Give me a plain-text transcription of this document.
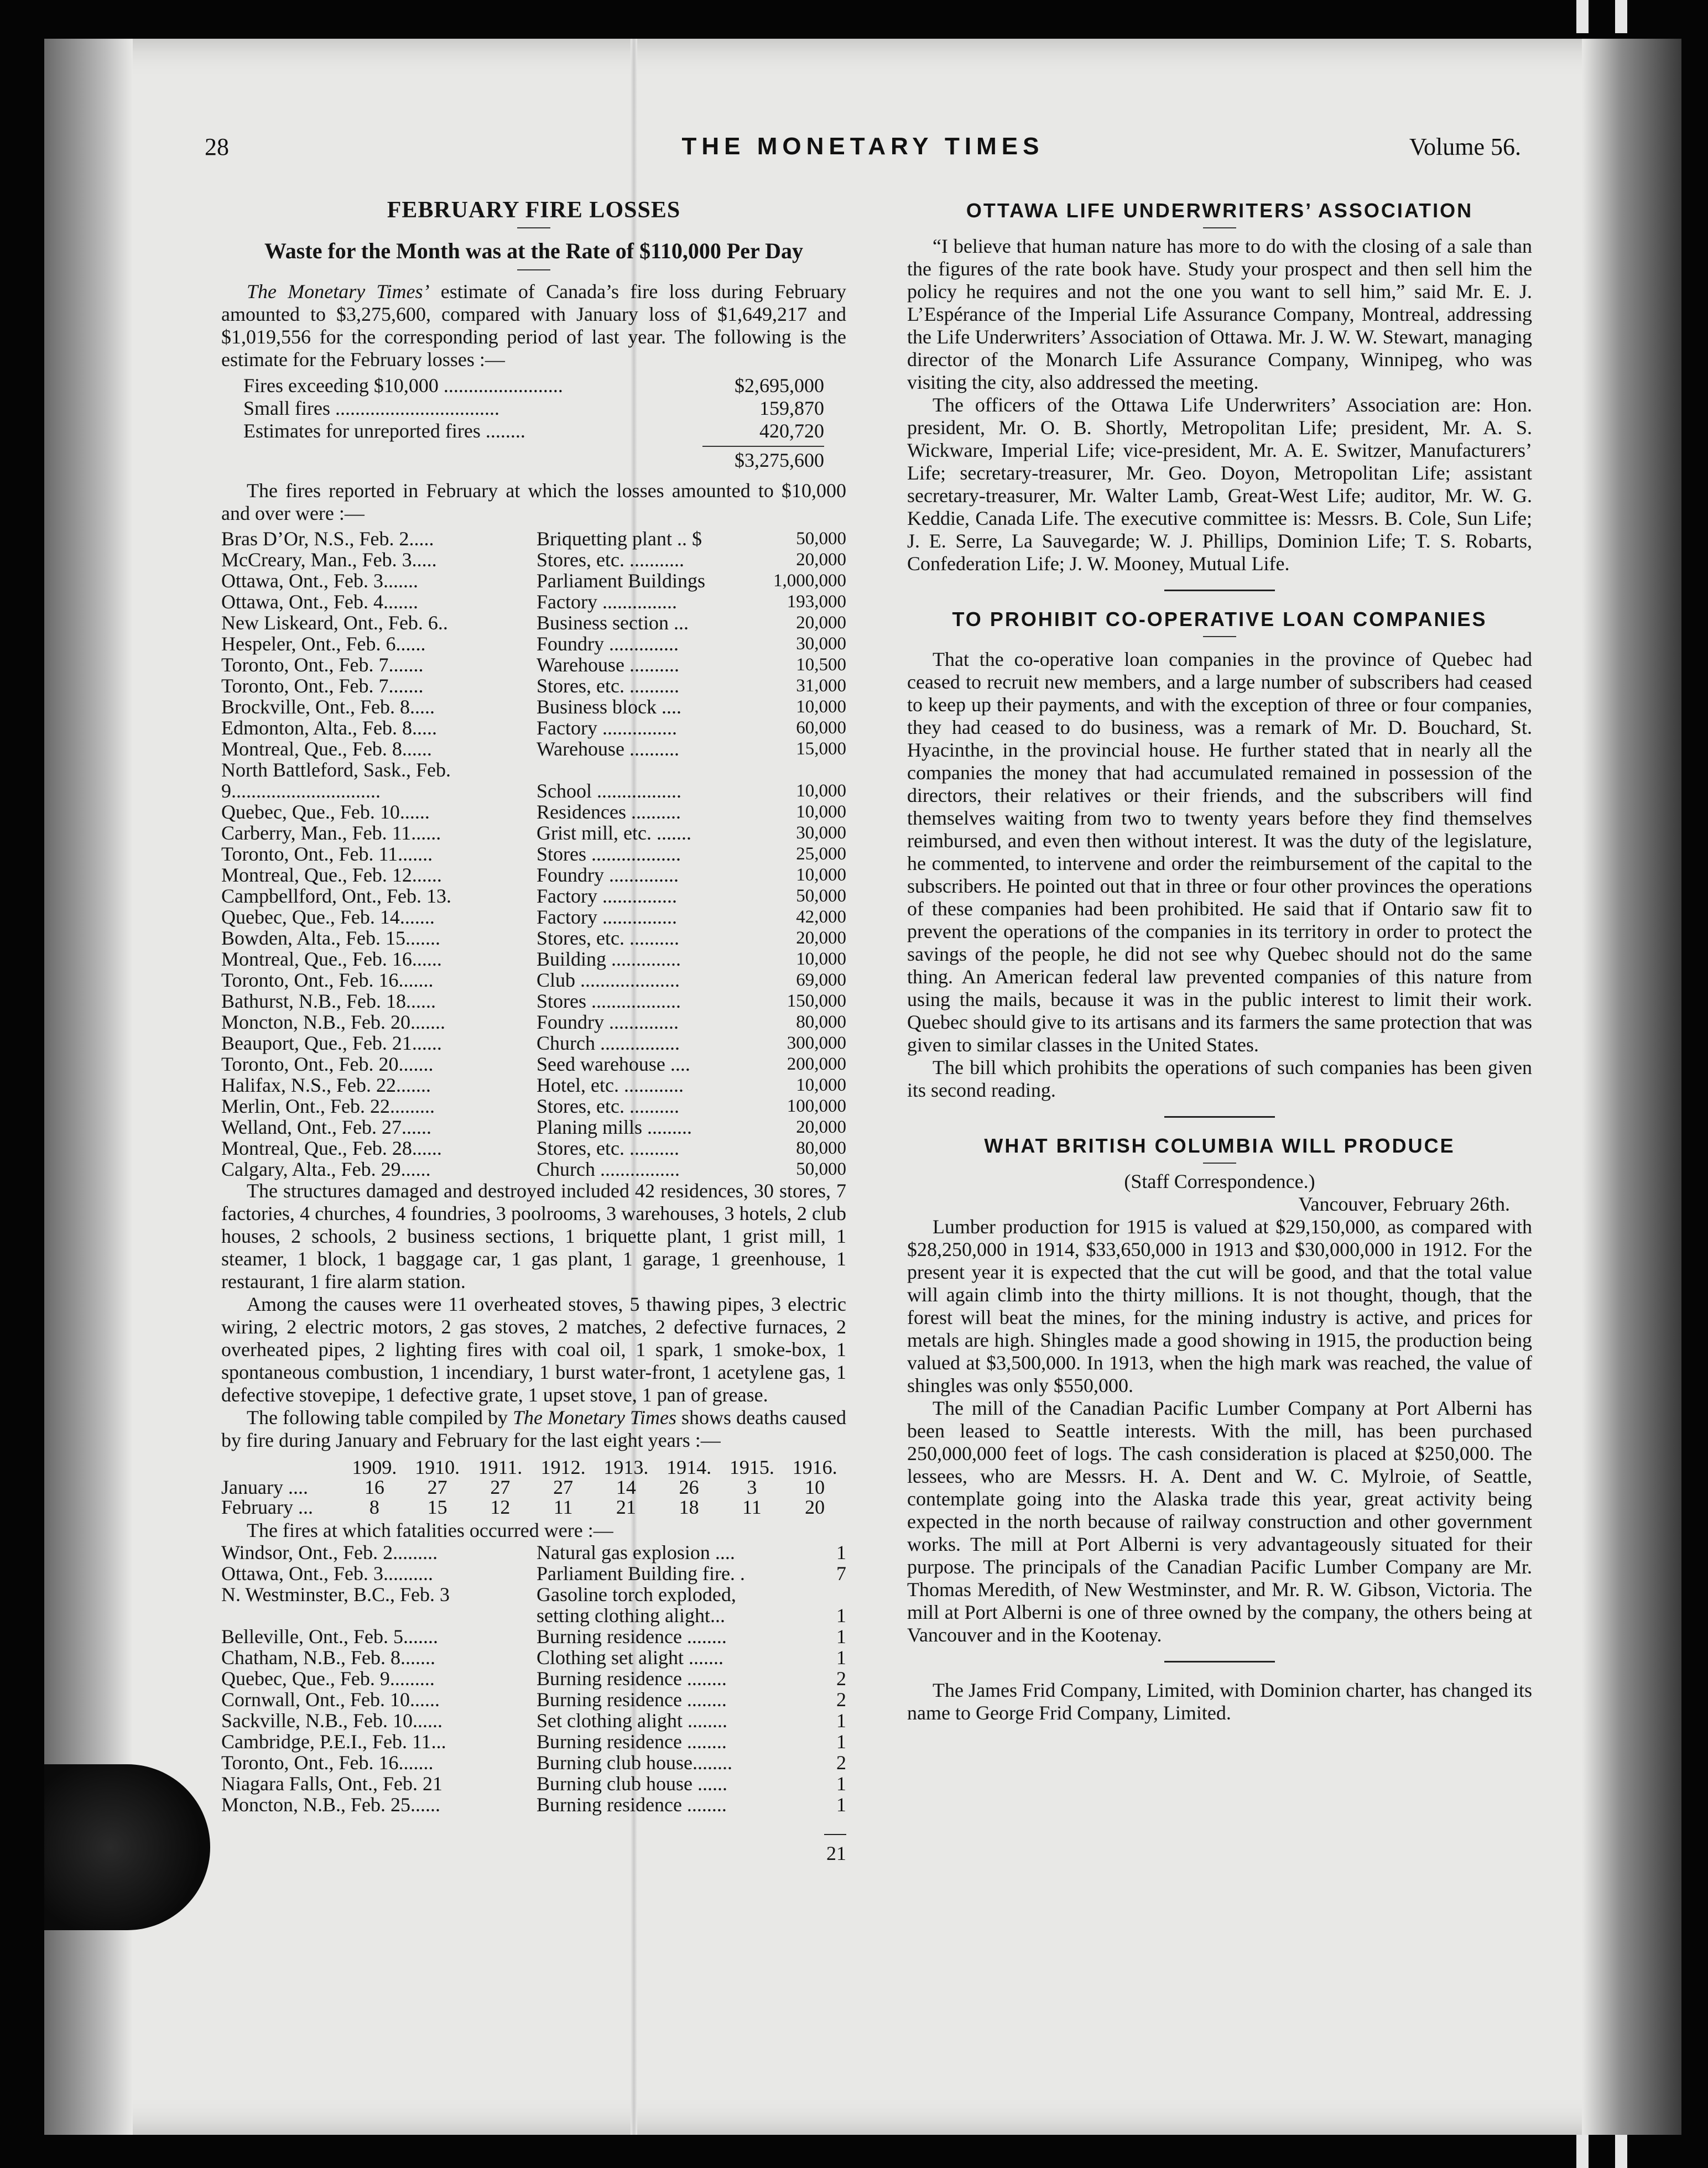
28	THE MONETARY TIMES	Volume 56.
FEBRUARY FIRE LOSSES
Waste for the Month was at the Rate of $110,000 Per Day

The Monetary Times’ estimate of Canada’s fire loss during February amounted to $3,275,600, compared with January loss of $1,649,217 and $1,019,556 for the corresponding period of last year. The following is the estimate for the February losses :—

Fires exceeding $10,000 ........................	$2,695,000
Small fires .................................	159,870
Estimates for unreported fires ........	420,720
$3,275,600

The fires reported in February at which the losses amounted to $10,000 and over were :—

Bras D’Or, N.S., Feb. 2.....	Briquetting plant .. $	50,000
McCreary, Man., Feb. 3.....	Stores, etc. ...........	20,000
Ottawa, Ont., Feb. 3.......	Parliament Buildings	1,000,000
Ottawa, Ont., Feb. 4.......	Factory ...............	193,000
New Liskeard, Ont., Feb. 6..	Business section ...	20,000
Hespeler, Ont., Feb. 6......	Foundry ..............	30,000
Toronto, Ont., Feb. 7.......	Warehouse ..........	10,500
Toronto, Ont., Feb. 7.......	Stores, etc. ..........	31,000
Brockville, Ont., Feb. 8.....	Business block ....	10,000
Edmonton, Alta., Feb. 8.....	Factory ...............	60,000
Montreal, Que., Feb. 8......	Warehouse ..........	15,000
North Battleford, Sask., Feb.
9..............................	School .................	10,000
Quebec, Que., Feb. 10......	Residences ..........	10,000
Carberry, Man., Feb. 11......	Grist mill, etc. .......	30,000
Toronto, Ont., Feb. 11.......	Stores ..................	25,000
Montreal, Que., Feb. 12......	Foundry ..............	10,000
Campbellford, Ont., Feb. 13.	Factory ...............	50,000
Quebec, Que., Feb. 14.......	Factory ...............	42,000
Bowden, Alta., Feb. 15.......	Stores, etc. ..........	20,000
Montreal, Que., Feb. 16......	Building ..............	10,000
Toronto, Ont., Feb. 16.......	Club ....................	69,000
Bathurst, N.B., Feb. 18......	Stores ..................	150,000
Moncton, N.B., Feb. 20.......	Foundry ..............	80,000
Beauport, Que., Feb. 21......	Church ................	300,000
Toronto, Ont., Feb. 20.......	Seed warehouse ....	200,000
Halifax, N.S., Feb. 22.......	Hotel, etc. ............	10,000
Merlin, Ont., Feb. 22.........	Stores, etc. ..........	100,000
Welland, Ont., Feb. 27......	Planing mills .........	20,000
Montreal, Que., Feb. 28......	Stores, etc. ..........	80,000
Calgary, Alta., Feb. 29......	Church ................	50,000

The structures damaged and destroyed included 42 residences, 30 stores, 7 factories, 4 churches, 4 foundries, 3 poolrooms, 3 warehouses, 3 hotels, 2 club houses, 2 schools, 2 business sections, 1 briquette plant, 1 grist mill, 1 steamer, 1 block, 1 baggage car, 1 gas plant, 1 garage, 1 greenhouse, 1 restaurant, 1 fire alarm station.

Among the causes were 11 overheated stoves, 5 thawing pipes, 3 electric wiring, 2 electric motors, 2 gas stoves, 2 matches, 2 defective furnaces, 2 overheated pipes, 2 lighting fires with coal oil, 1 spark, 1 smoke-box, 1 spontaneous combustion, 1 incendiary, 1 burst water-front, 1 acetylene gas, 1 defective stovepipe, 1 defective grate, 1 upset stove, 1 pan of grease.

The following table compiled by The Monetary Times shows deaths caused by fire during January and February for the last eight years :—

1909. 1910. 1911. 1912. 1913. 1914. 1915. 1916.
January ....	16	27	27	27	14	26	3	10
February ...	8	15	12	11	21	18	11	20

The fires at which fatalities occurred were :—

Windsor, Ont., Feb. 2.........	Natural gas explosion ....	1
Ottawa, Ont., Feb. 3..........	Parliament Building fire. .	7
N. Westminster, B.C., Feb. 3	Gasoline torch exploded,
setting clothing alight...	1
Belleville, Ont., Feb. 5.......	Burning residence ........	1
Chatham, N.B., Feb. 8.......	Clothing set alight .......	1
Quebec, Que., Feb. 9.........	Burning residence ........	2
Cornwall, Ont., Feb. 10......	Burning residence ........	2
Sackville, N.B., Feb. 10......	Set clothing alight ........	1
Cambridge, P.E.I., Feb. 11...	Burning residence ........	1
Toronto, Ont., Feb. 16.......	Burning club house........	2
Niagara Falls, Ont., Feb. 21	Burning club house ......	1
Moncton, N.B., Feb. 25......	Burning residence ........	1
21
OTTAWA LIFE UNDERWRITERS’ ASSOCIATION

“I believe that human nature has more to do with the closing of a sale than the figures of the rate book have. Study your prospect and then sell him the policy he requires and not the one you want to sell him,” said Mr. E. J. L’Espérance of the Imperial Life Assurance Company, Montreal, addressing the Life Underwriters’ Association of Ottawa. Mr. J. W. W. Stewart, managing director of the Monarch Life Assurance Company, Winnipeg, who was visiting the city, also addressed the meeting.

The officers of the Ottawa Life Underwriters’ Association are: Hon. president, Mr. O. B. Shortly, Metropolitan Life; president, Mr. A. S. Wickware, Imperial Life; vice-president, Mr. A. E. Switzer, Manufacturers’ Life; secretary-treasurer, Mr. Geo. Doyon, Metropolitan Life; assistant secretary-treasurer, Mr. Walter Lamb, Great-West Life; auditor, Mr. W. G. Keddie, Canada Life. The executive committee is: Messrs. B. Cole, Sun Life; J. E. Serre, La Sauvegarde; W. J. Phillips, Dominion Life; T. S. Robarts, Confederation Life; J. W. Mooney, Mutual Life.

TO PROHIBIT CO-OPERATIVE LOAN COMPANIES

That the co-operative loan companies in the province of Quebec had ceased to recruit new members, and a large number of subscribers had ceased to keep up their payments, and with the exception of three or four companies, they had ceased to do business, was a remark of Mr. D. Bouchard, St. Hyacinthe, in the provincial house. He further stated that in nearly all the companies the money that had accumulated remained in possession of the directors, their relatives or their friends, and the subscribers will find themselves waiting from two to twenty years before they find themselves reimbursed, and even then without interest. It was the duty of the legislature, he commented, to intervene and order the reimbursement of the capital to the subscribers. He pointed out that in three or four other provinces the operations of these companies had been prohibited. He said that if Ontario saw fit to prevent the operations of the companies in its territory in order to protect the savings of the people, he did not see why Quebec should not do the same thing. An American federal law prevented companies of this nature from using the mails, because it was in the public interest to limit their work. Quebec should give to its artisans and its farmers the same protection that was given to similar classes in the United States.

The bill which prohibits the operations of such companies has been given its second reading.

WHAT BRITISH COLUMBIA WILL PRODUCE
(Staff Correspondence.)
Vancouver, February 26th.

Lumber production for 1915 is valued at $29,150,000, as compared with $28,250,000 in 1914, $33,650,000 in 1913 and $30,000,000 in 1912. For the present year it is expected that the cut will be good, and that the total value will again climb into the thirty millions. It is not thought, though, that the forest will beat the mines, for the mining industry is active, and prices for metals are high. Shingles made a good showing in 1915, the production being valued at $3,500,000. In 1913, when the high mark was reached, the value of shingles was only $550,000.

The mill of the Canadian Pacific Lumber Company at Port Alberni has been leased to Seattle interests. With the mill, has been purchased 250,000,000 feet of logs. The cash consideration is placed at $250,000. The lessees, who are Messrs. H. A. Dent and W. C. Mylroie, of Seattle, contemplate going into the Alaska trade this year, great activity being expected in the north because of railway construction and other government works. The mill at Port Alberni is very advantageously situated for their purpose. The principals of the Canadian Pacific Lumber Company are Mr. Thomas Meredith, of New Westminster, and Mr. R. W. Gibson, Victoria. The mill at Port Alberni is one of three owned by the company, the others being at Vancouver and in the Kootenay.

The James Frid Company, Limited, with Dominion charter, has changed its name to George Frid Company, Limited.
